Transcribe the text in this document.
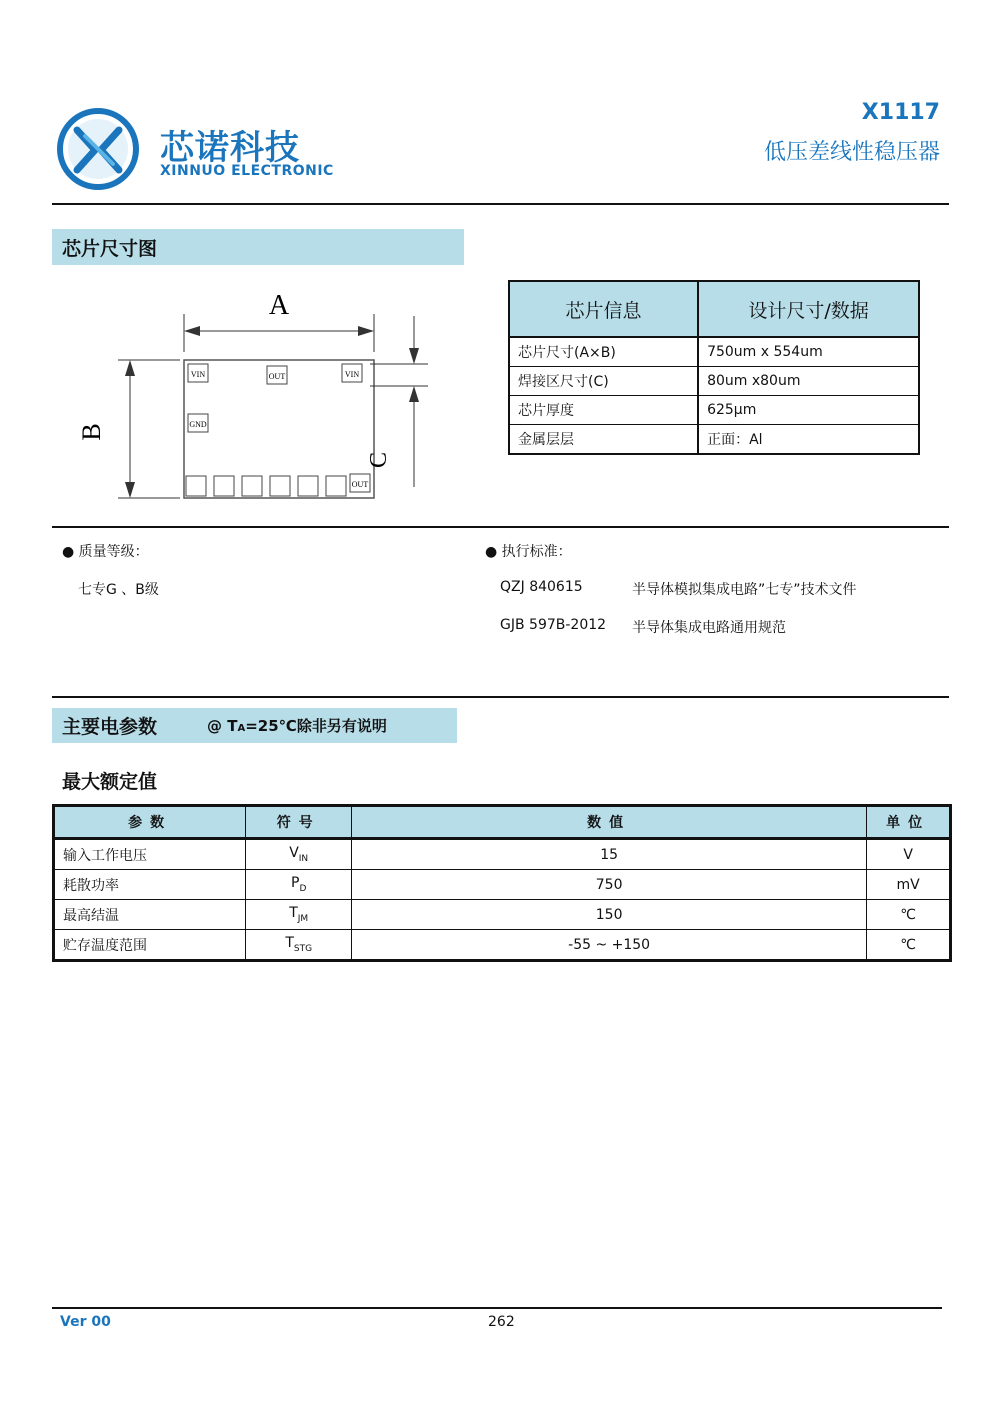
芯诺科技
XINNUO ELECTRONIC
X1117
低压差线性稳压器
芯片尺寸图
A
B
VIN	OUT	VIN
GND
OUT
C
芯片信息	设计尺寸/数据
芯片尺寸(A×B)	750um x 554um
焊接区尺寸(C)	80um x80um
芯片厚度	625μm
金属层层	正面：Al
● 质量等级：
七专G 、B级
● 执行标准：
QZJ 840615	半导体模拟集成电路”七专”技术文件
GJB 597B-2012 半导体集成电路通用规范
主要电参数	@ TA=25℃除非另有说明
最大额定值
参数	符号	数值	单位
输入工作电压	$V_{IN}$	15	V
耗散功率	$P_D$	750	mV
最高结温	$T_{JM}$	150	℃
贮存温度范围	$T_{STG}$	-55 ~ +150	℃
Ver 00	262
